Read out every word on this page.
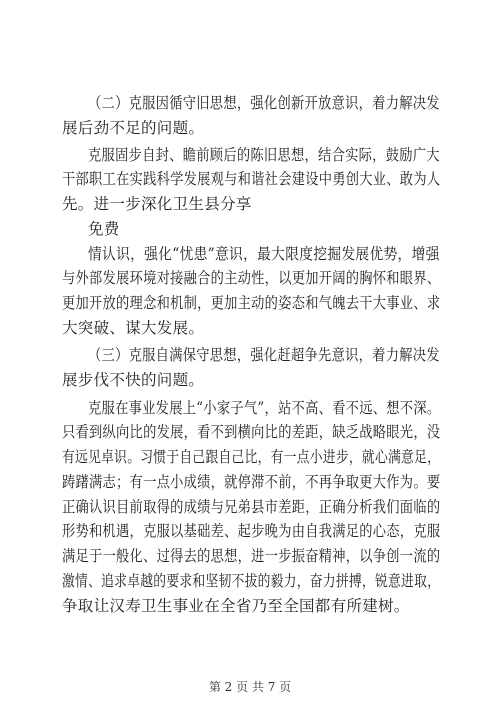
（二）克服因循守旧思想，强化创新开放意识，着力解决发
展后劲不足的问题。
克服固步自封、瞻前顾后的陈旧思想，结合实际，鼓励广大
干部职工在实践科学发展观与和谐社会建设中勇创大业、敢为人
先。进一步深化卫生县分享
免费
情认识，强化“忧患”意识，最大限度挖掘发展优势，增强
与外部发展环境对接融合的主动性，以更加开阔的胸怀和眼界、
更加开放的理念和机制，更加主动的姿态和气魄去干大事业、求
大突破、谋大发展。
（三）克服自满保守思想，强化赶超争先意识，着力解决发
展步伐不快的问题。
克服在事业发展上“小家子气”，站不高、看不远、想不深。
只看到纵向比的发展，看不到横向比的差距，缺乏战略眼光，没
有远见卓识。习惯于自己跟自己比，有一点小进步，就心满意足，
踌躇满志；有一点小成绩，就停滞不前，不再争取更大作为。要
正确认识目前取得的成绩与兄弟县市差距，正确分析我们面临的
形势和机遇，克服以基础差、起步晚为由自我满足的心态，克服
满足于一般化、过得去的思想，进一步振奋精神，以争创一流的
激情、追求卓越的要求和坚韧不拔的毅力，奋力拼搏，锐意进取，
争取让汉寿卫生事业在全省乃至全国都有所建树。
第 2 页 共 7 页
